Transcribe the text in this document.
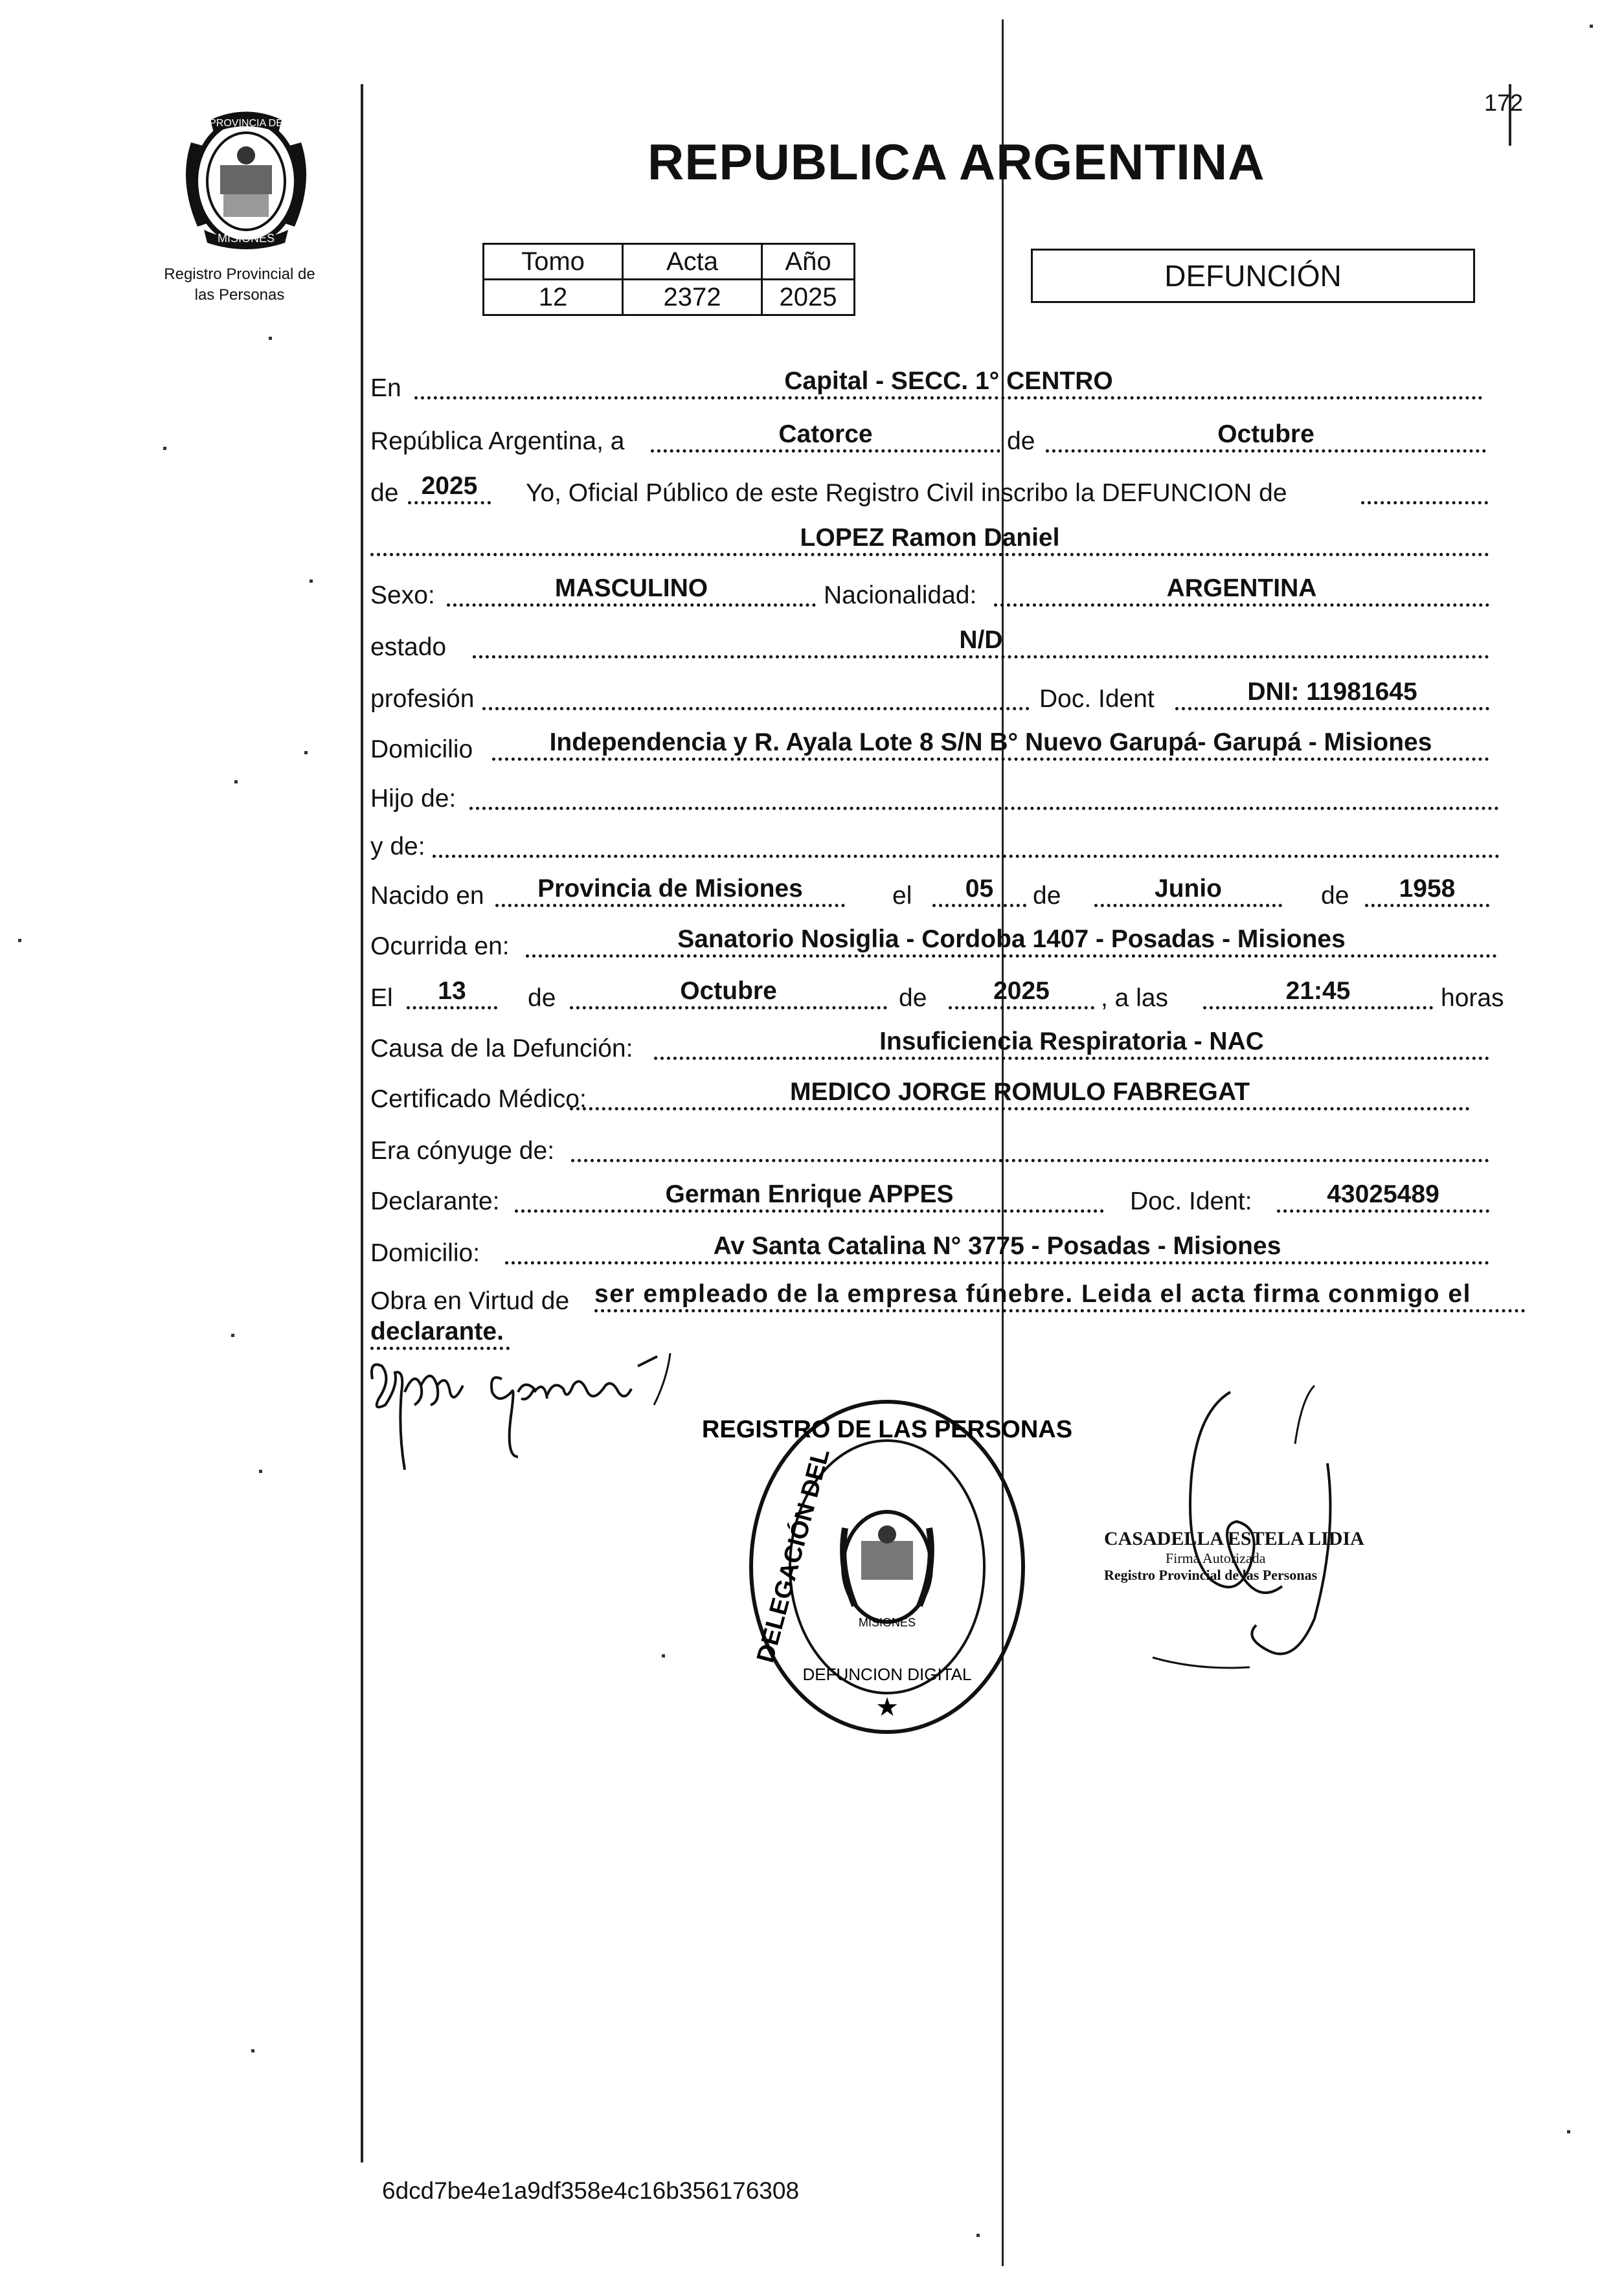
PROVINCIA DE
MISIONES
Registro Provincial de
las Personas
172
REPUBLICA ARGENTINA
Tomo	Acta	Año
12	2372	2025
DEFUNCIÓN
En	Capital - SECC. 1° CENTRO
República Argentina, a	Catorce	de	Octubre
de 2025	Yo, Oficial Público de este Registro Civil inscribo la DEFUNCION de
LOPEZ Ramon Daniel
Sexo:	MASCULINO	Nacionalidad:	ARGENTINA
estado	N/D
profesión	Doc. Ident	DNI: 11981645
Domicilio	Independencia y R. Ayala Lote 8 S/N B° Nuevo Garupá- Garupá - Misiones
Hijo de:
y de:
Nacido en	Provincia de Misiones	el	05	de	Junio	de	1958
Ocurrida en:	Sanatorio Nosiglia - Cordoba 1407 - Posadas - Misiones
El	13	de	Octubre	de	2025	, a las	21:45	horas
Causa de la Defunción:	Insuficiencia Respiratoria - NAC
Certificado Médico:	MEDICO JORGE ROMULO FABREGAT
Era cónyuge de:
Declarante:	German Enrique APPES	Doc. Ident:	43025489
Domicilio:	Av Santa Catalina N° 3775 - Posadas - Misiones
Obra en Virtud de ser empleado de la empresa fúnebre. Leida el acta firma conmigo el
declarante.
MISIONES
REGISTRO DE LAS PERSONAS
DELEGACIÓN DEL
DEFUNCION DIGITAL
★
CASADELLA ESTELA LIDIA
Firma Autorizada
Registro Provincial de las Personas
6dcd7be4e1a9df358e4c16b356176308
